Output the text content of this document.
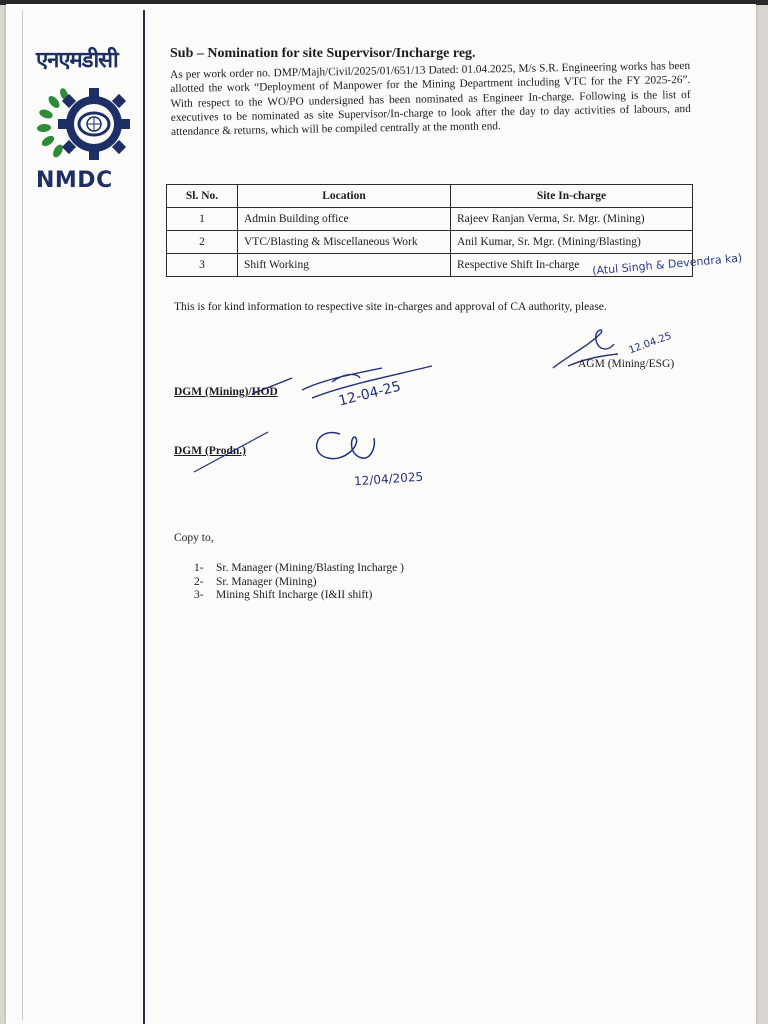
एनएमडीसी
NMDC

Sub – Nomination for site Supervisor/Incharge reg.

As per work order no. DMP/Majh/Civil/2025/01/651/13 Dated: 01.04.2025, M/s S.R. Engineering works has been allotted the work “Deployment of Manpower for the Mining Department including VTC for the FY 2025-26”. With respect to the WO/PO undersigned has been nominated as Engineer In-charge. Following is the list of executives to be nominated as site Supervisor/In-charge to look after the day to day activities of labours, and attendance & returns, which will be compiled centrally at the month end.

Sl. No.	Location	Site In-charge
1	Admin Building office	Rajeev Ranjan Verma, Sr. Mgr. (Mining)
2	VTC/Blasting & Miscellaneous Work	Anil Kumar, Sr. Mgr. (Mining/Blasting)
3	Shift Working	Respective Shift In-charge (Atul Singh & Devendra ka)

This is for kind information to respective site in-charges and approval of CA authority, please.

12.04.25
AGM (Mining/ESG)
DGM (Mining)/HOD	12-04-25
DGM (Prodn.)
12/04/2025
Copy to,
1- Sr. Manager (Mining/Blasting Incharge )
2- Sr. Manager (Mining)
3- Mining Shift Incharge (I&II shift)
